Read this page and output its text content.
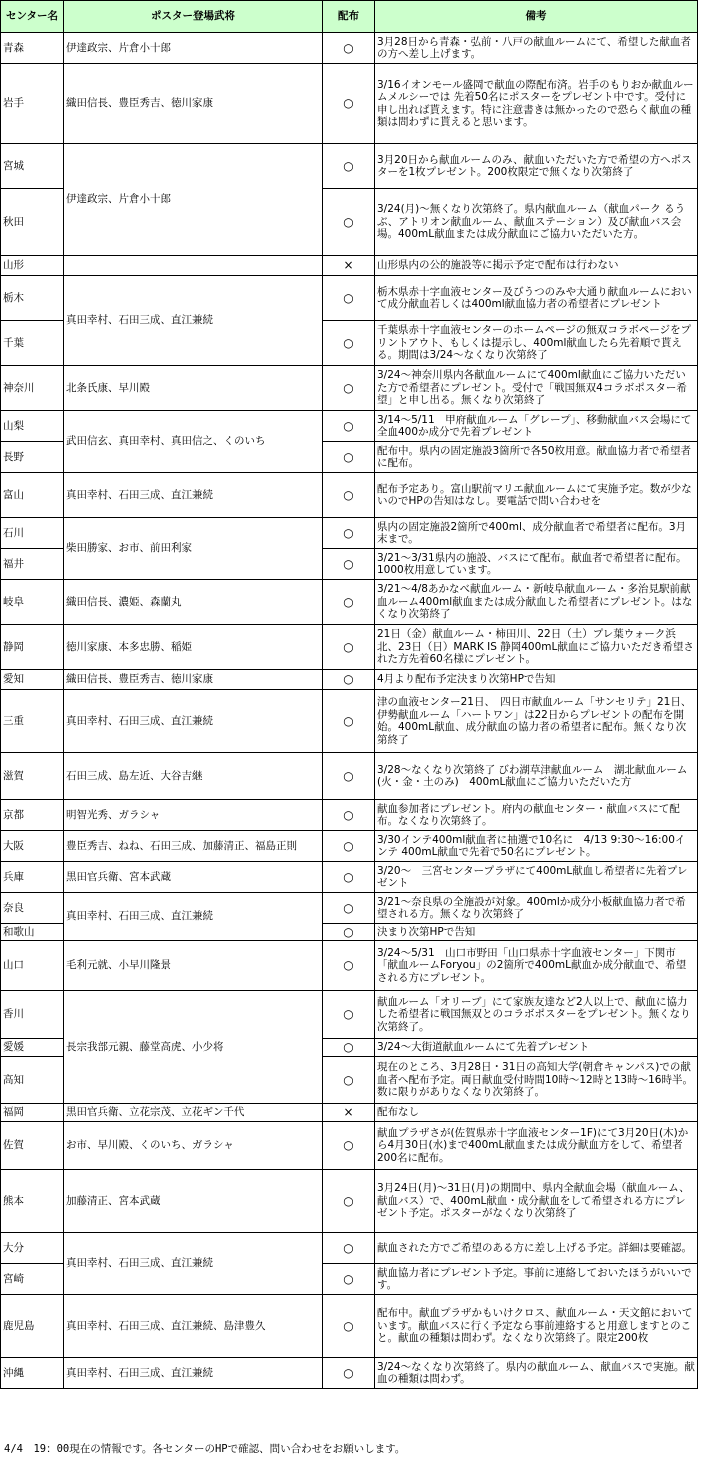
センター名	ポスター登場武将	配布	備考
青森	伊達政宗、片倉小十郎	○	3月28日から青森・弘前・八戸の献血ルームにて、希望した献血者の方へ差し上げます。
岩手	織田信長、豊臣秀吉、徳川家康	○	3/16イオンモール盛岡で献血の際配布済。岩手のもりおか献血ルームメルシーでは 先着50名にポスターをプレゼント中です。受付に申し出れば貰えます。特に注意書きは無かったので恐らく献血の種類は問わずに貰えると思います。
宮城	伊達政宗、片倉小十郎	○	3月20日から献血ルームのみ、献血いただいた方で希望の方へポスターを1枚プレゼント。200枚限定で無くなり次第終了
秋田		○	3/24(月)～無くなり次第終了。県内献血ルーム（献血パーク るうぶ、アトリオン献血ルーム、献血ステーション）及び献血バス会場。400mL献血または成分献血にご協力いただいた方。
山形		×	山形県内の公的施設等に掲示予定で配布は行わない
栃木	真田幸村、石田三成、直江兼続	○	栃木県赤十字血液センター及びうつのみや大通り献血ルームにおいて成分献血若しくは400ml献血協力者の希望者にプレゼント
千葉		○	千葉県赤十字血液センターのホームページの無双コラボページをプリントアウト、もしくは提示し、400ml献血したら先着順で貰える。期間は3/24～なくなり次第終了
神奈川	北条氏康、早川殿	○	3/24～神奈川県内各献血ルームにて400ml献血にご協力いただいた方で希望者にプレゼント。受付で「戦国無双4コラボポスター希望」と申し出る。無くなり次第終了
山梨	武田信玄、真田幸村、真田信之、くのいち	○	3/14～5/11　甲府献血ルーム「グレープ」、移動献血バス会場にて全血400か成分で先着プレゼント
長野		○	配布中。県内の固定施設3箇所で各50枚用意。献血協力者で希望者に配布。
富山	真田幸村、石田三成、直江兼続	○	配布予定あり。富山駅前マリエ献血ルームにて実施予定。数が少ないのでHPの告知はなし。要電話で問い合わせを
石川	柴田勝家、お市、前田利家	○	県内の固定施設2箇所で400ml、成分献血者で希望者に配布。3月末まで。
福井		○	3/21～3/31県内の施設、バスにて配布。献血者で希望者に配布。1000枚用意しています。
岐阜	織田信長、濃姫、森蘭丸	○	3/21～4/8あかなべ献血ルーム・新岐阜献血ルーム・多治見駅前献血ルーム400ml献血または成分献血した希望者にプレゼント。はなくなり次第終了
静岡	徳川家康、本多忠勝、稲姫	○	21日（金）献血ルーム・柿田川、22日（土）プレ葉ウォーク浜北、23日（日）MARK IS 静岡400mL献血にご協力いただき希望された方先着60名様にプレゼント。
愛知	織田信長、豊臣秀吉、徳川家康	○	4月より配布予定決まり次第HPで告知
三重	真田幸村、石田三成、直江兼続	○	津の血液センター21日、　四日市献血ルーム「サンセリテ」21日、伊勢献血ルーム「ハートワン」は22日からプレゼントの配布を開始。400mL献血、成分献血の協力者の希望者に配布。無くなり次第終了
滋賀	石田三成、島左近、大谷吉継	○	3/28～なくなり次第終了 びわ湖草津献血ルーム　湖北献血ルーム(火・金・土のみ)　400mL献血にご協力いただいた方
京都	明智光秀、ガラシャ	○	献血参加者にプレゼント。府内の献血センター・献血バスにて配布。なくなり次第終了。
大阪	豊臣秀吉、ねね、石田三成、加藤清正、福島正則	○	3/30インテ400ml献血者に抽選で10名に　4/13 9:30～16:00インテ 400mL献血で先着で50名にプレゼント。
兵庫	黒田官兵衛、宮本武蔵	○	3/20～　三宮センタープラザにて400mL献血し希望者に先着プレゼント
奈良	真田幸村、石田三成、直江兼続	○	3/21～奈良県の全施設が対象。400mlか成分小板献血協力者で希望される方。無くなり次第終了
和歌山		○	決まり次第HPで告知
山口	毛利元就、小早川隆景	○	3/24～5/31　山口市野田「山口県赤十字血液センター」下関市「献血ルームForyou」の2箇所で400mL献血か成分献血で、希望される方にプレゼント。
香川	長宗我部元親、藤堂高虎、小少将	○	献血ルーム「オリーブ」にて家族友達など2人以上で、献血に協力した希望者に戦国無双とのコラボポスターをプレゼント。無くなり次第終了。
愛媛		○	3/24～大街道献血ルームにて先着プレゼント
高知		○	現在のところ、3月28日・31日の高知大学(朝倉キャンパス)での献血者へ配布予定。両日献血受付時間10時～12時と13時～16時半。数に限りがありなくなり次第終了。
福岡	黒田官兵衛、立花宗茂、立花ギン千代	×	配布なし
佐賀	お市、早川殿、くのいち、ガラシャ	○	献血プラザさが(佐賀県赤十字血液センター1F)にて3月20日(木)から4月30日(水)まで400mL献血または成分献血方をして、希望者200名に配布。
熊本	加藤清正、宮本武蔵	○	3月24日(月)～31日(月)の期間中、県内全献血会場（献血ルーム、献血バス）で、400mL献血・成分献血をして希望される方にプレゼント予定。ポスターがなくなり次第終了
大分	真田幸村、石田三成、直江兼続	○	献血された方でご希望のある方に差し上げる予定。詳細は要確認。
宮崎		○	献血協力者にプレゼント予定。事前に連絡しておいたほうがいいです。
鹿児島	真田幸村、石田三成、直江兼続、島津豊久	○	配布中。献血プラザかもいけクロス、献血ルーム・天文館においています。献血バスに行く予定なら事前連絡すると用意しますとのこと。献血の種類は問わず。なくなり次第終了。限定200枚
沖縄	真田幸村、石田三成、直江兼続	○	3/24～なくなり次第終了。県内の献血ルーム、献血バスで実施。献血の種類は問わず。
4/4　19：00現在の情報です。各センターのHPで確認、問い合わせをお願いします。
